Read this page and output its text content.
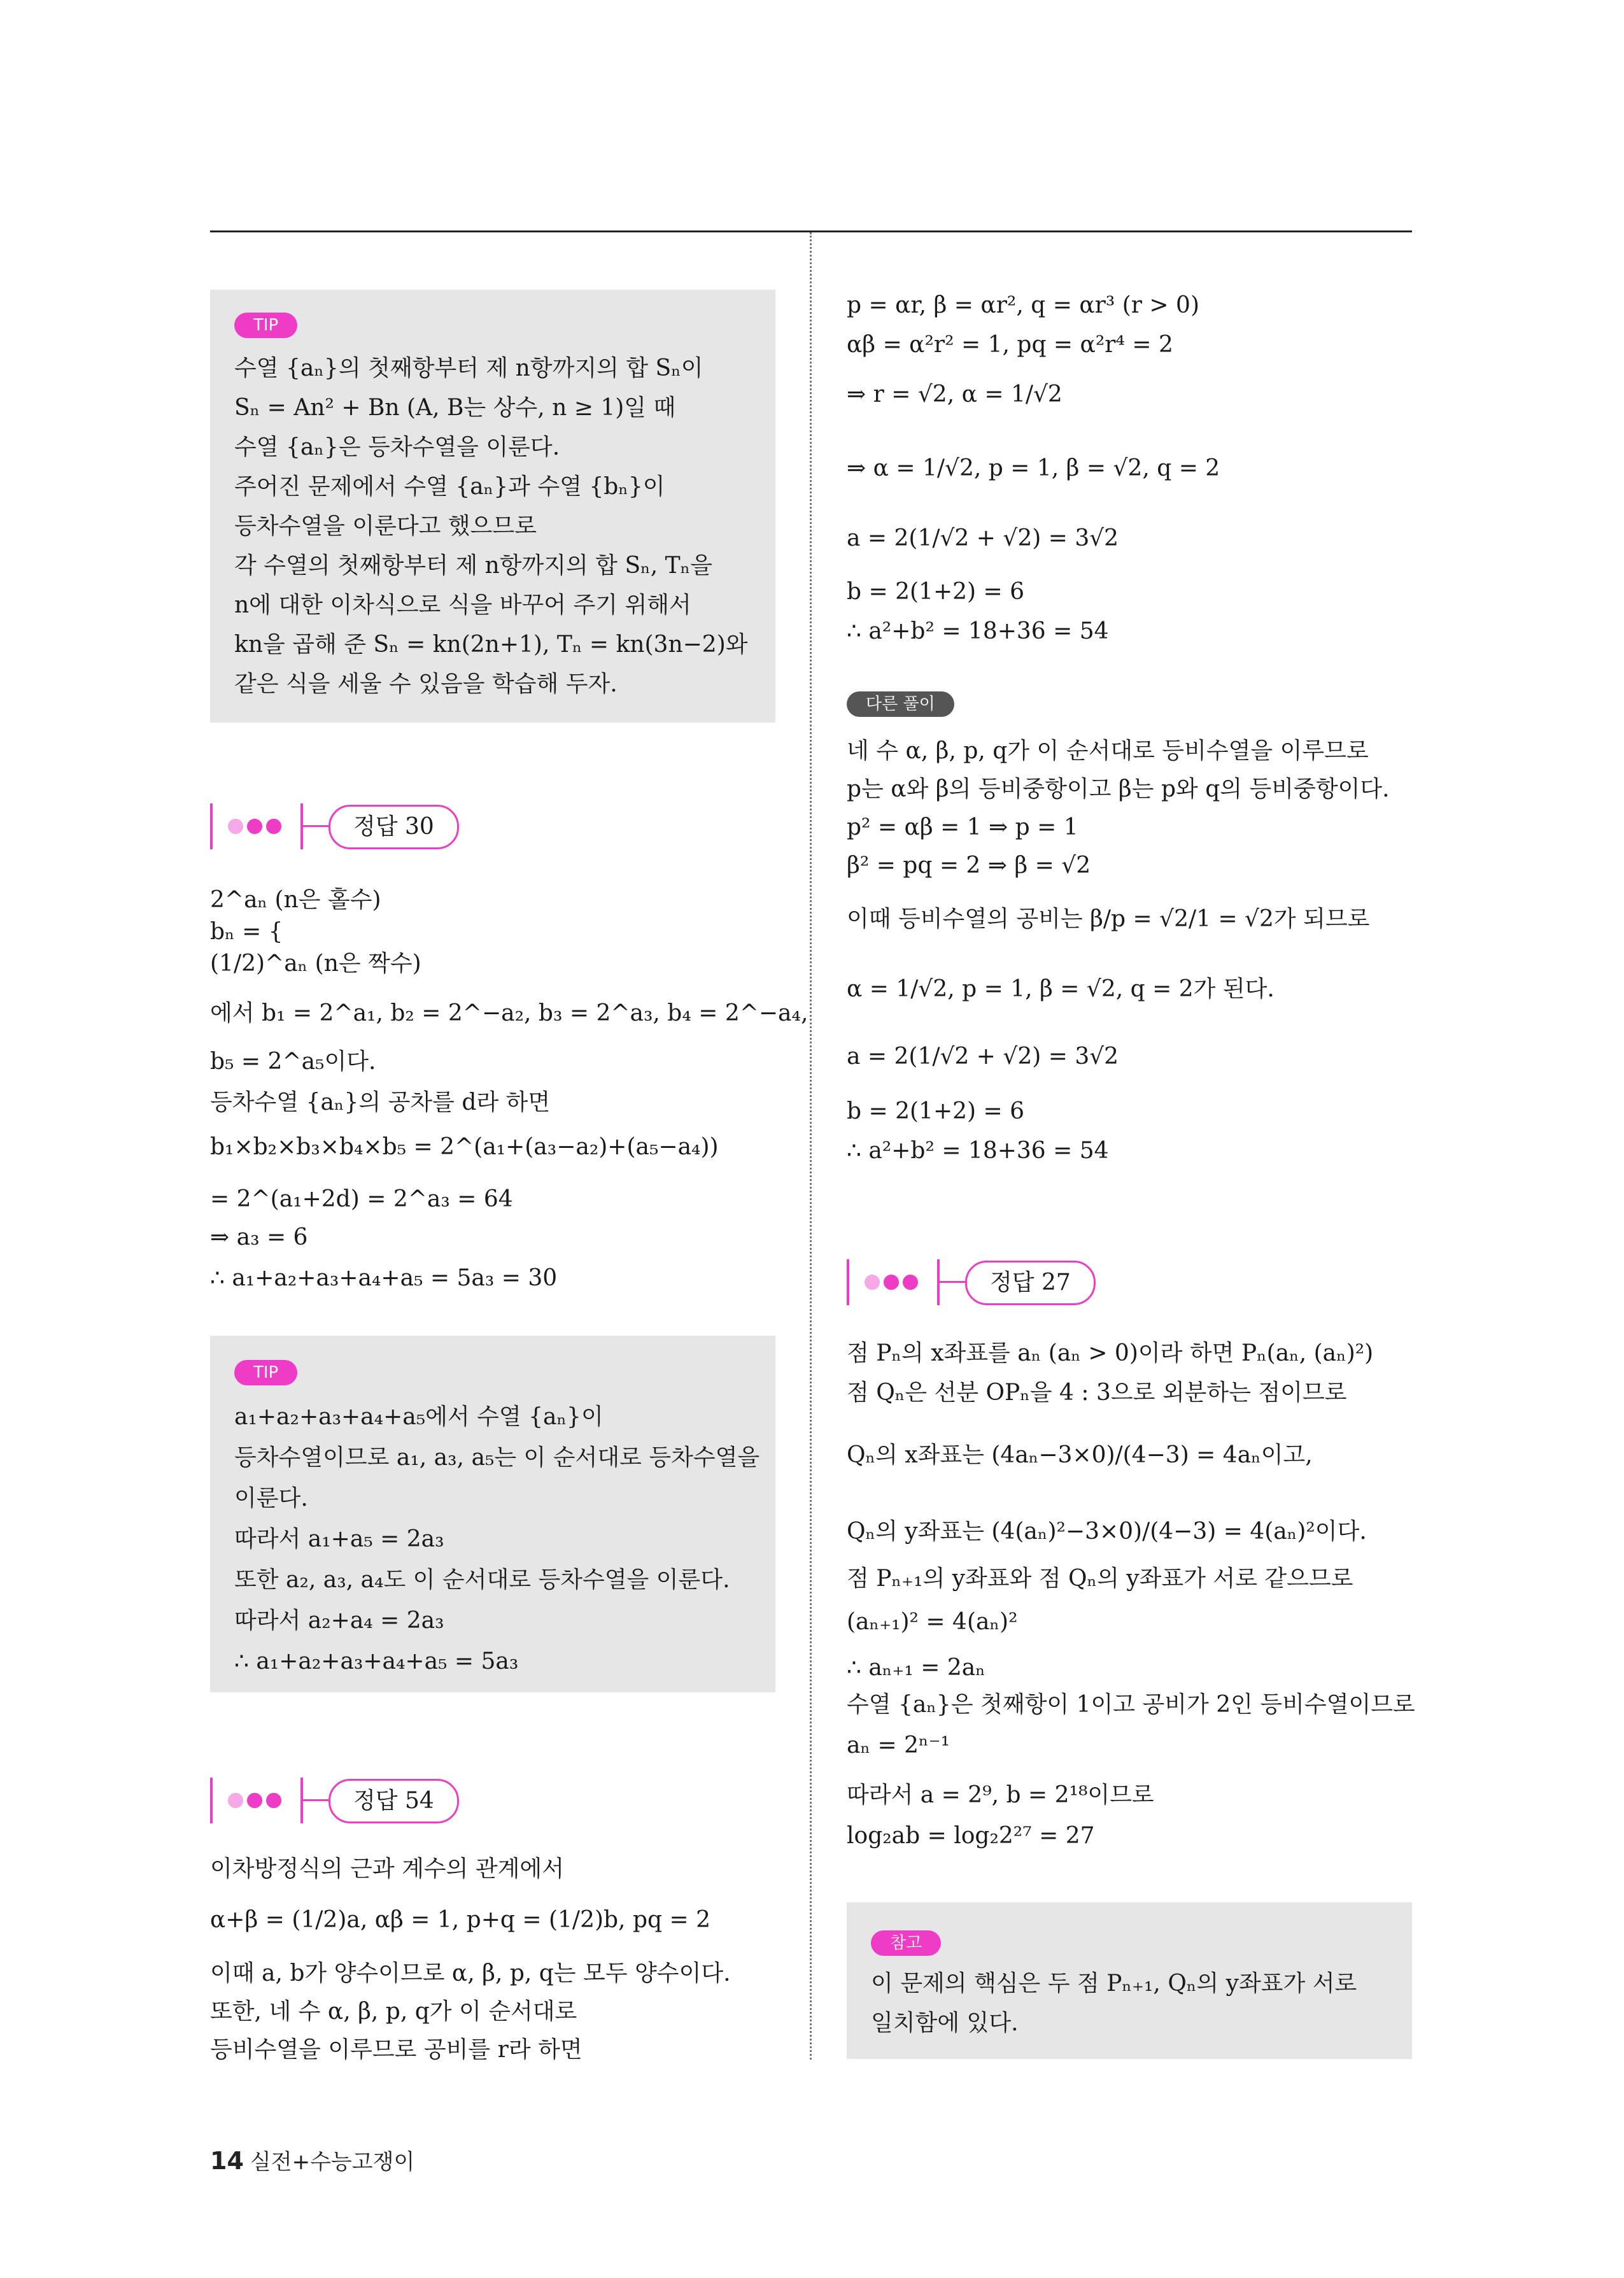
TIP
수열 {aₙ}의 첫째항부터 제 n항까지의 합 Sₙ이
Sₙ = An² + Bn (A, B는 상수, n ≥ 1)일 때
수열 {aₙ}은 등차수열을 이룬다.
주어진 문제에서 수열 {aₙ}과 수열 {bₙ}이
등차수열을 이룬다고 했으므로
각 수열의 첫째항부터 제 n항까지의 합 Sₙ, Tₙ을
n에 대한 이차식으로 식을 바꾸어 주기 위해서
kn을 곱해 준 Sₙ = kn(2n+1), Tₙ = kn(3n−2)와
같은 식을 세울 수 있음을 학습해 두자.
정답 30
2^aₙ (n은 홀수)
bₙ = {
(1/2)^aₙ (n은 짝수)
에서 b₁ = 2^a₁, b₂ = 2^−a₂, b₃ = 2^a₃, b₄ = 2^−a₄,
b₅ = 2^a₅이다.
등차수열 {aₙ}의 공차를 d라 하면
b₁×b₂×b₃×b₄×b₅ = 2^(a₁+(a₃−a₂)+(a₅−a₄))
= 2^(a₁+2d) = 2^a₃ = 64
⇒ a₃ = 6
∴ a₁+a₂+a₃+a₄+a₅ = 5a₃ = 30
TIP
a₁+a₂+a₃+a₄+a₅에서 수열 {aₙ}이
등차수열이므로 a₁, a₃, a₅는 이 순서대로 등차수열을
이룬다.
따라서 a₁+a₅ = 2a₃
또한 a₂, a₃, a₄도 이 순서대로 등차수열을 이룬다.
따라서 a₂+a₄ = 2a₃
∴ a₁+a₂+a₃+a₄+a₅ = 5a₃
정답 54
이차방정식의 근과 계수의 관계에서
α+β = (1/2)a, αβ = 1, p+q = (1/2)b, pq = 2
이때 a, b가 양수이므로 α, β, p, q는 모두 양수이다.
또한, 네 수 α, β, p, q가 이 순서대로
등비수열을 이루므로 공비를 r라 하면
p = αr, β = αr², q = αr³ (r > 0)
αβ = α²r² = 1, pq = α²r⁴ = 2
⇒ r = √2, α = 1/√2
⇒ α = 1/√2, p = 1, β = √2, q = 2
a = 2(1/√2 + √2) = 3√2
b = 2(1+2) = 6
∴ a²+b² = 18+36 = 54
다른 풀이
네 수 α, β, p, q가 이 순서대로 등비수열을 이루므로
p는 α와 β의 등비중항이고 β는 p와 q의 등비중항이다.
p² = αβ = 1 ⇒ p = 1
β² = pq = 2 ⇒ β = √2
이때 등비수열의 공비는 β/p = √2/1 = √2가 되므로
α = 1/√2, p = 1, β = √2, q = 2가 된다.
a = 2(1/√2 + √2) = 3√2
b = 2(1+2) = 6
∴ a²+b² = 18+36 = 54
정답 27
점 Pₙ의 x좌표를 aₙ (aₙ > 0)이라 하면 Pₙ(aₙ, (aₙ)²)
점 Qₙ은 선분 OPₙ을 4 : 3으로 외분하는 점이므로
Qₙ의 x좌표는 (4aₙ−3×0)/(4−3) = 4aₙ이고,
Qₙ의 y좌표는 (4(aₙ)²−3×0)/(4−3) = 4(aₙ)²이다.
점 Pₙ₊₁의 y좌표와 점 Qₙ의 y좌표가 서로 같으므로
(aₙ₊₁)² = 4(aₙ)²
∴ aₙ₊₁ = 2aₙ
수열 {aₙ}은 첫째항이 1이고 공비가 2인 등비수열이므로
aₙ = 2ⁿ⁻¹
따라서 a = 2⁹, b = 2¹⁸이므로
log₂ab = log₂2²⁷ = 27
참고
이 문제의 핵심은 두 점 Pₙ₊₁, Qₙ의 y좌표가 서로
일치함에 있다.
14 실전+수능고쟁이
